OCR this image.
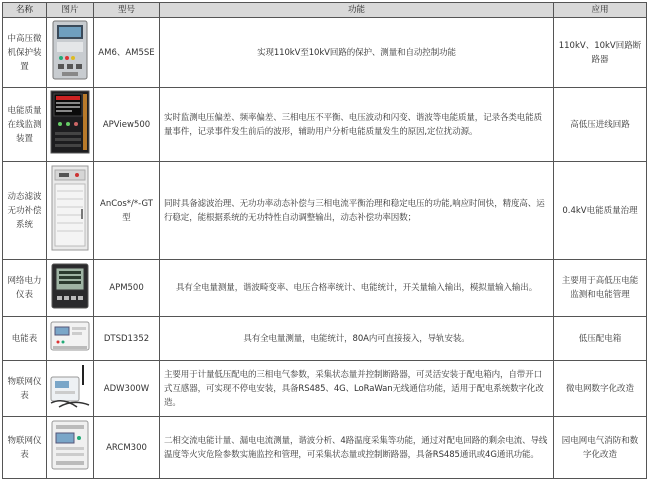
名称	图片	型号	功能	应用
中高压微机保护装置		AM6、AM5SE	实现110kV至10kV回路的保护、测量和自动控制功能	110kV、10kV回路断路器
电能质量在线监测装置		APView500	实时监测电压偏差、频率偏差、三相电压不平衡、电压波动和闪变、谐波等电能质量，记录各类电能质量事件，记录事件发生前后的波形，辅助用户分析电能质量发生的原因,定位扰动源。	高低压进线回路
动态滤波无功补偿系统		AnCos*/*-GT型	同时具备滤波治理、无功功率动态补偿与三相电流平衡治理和稳定电压的功能,响应时间快，精度高、运行稳定，能根据系统的无功特性自动调整输出，动态补偿功率因数；	0.4kV电能质量治理
网络电力仪表		APM500	具有全电量测量，谐波畸变率、电压合格率统计、电能统计，开关量输入输出，模拟量输入输出。	主要用于高低压电能监测和电能管理
电能表		DTSD1352	具有全电量测量，电能统计，80A内可直接接入，导轨安装。	低压配电箱
物联网仪表		ADW300W	主要用于计量低压配电的三相电气参数，采集状态量并控制断路器，可灵活安装于配电箱内，自带开口式互感器，可实现不停电安装，具备RS485、4G、LoRaWan无线通信功能，适用于配电系统数字化改造。	微电网数字化改造
物联网仪表		ARCM300	二相交流电能计量、漏电电流测量，谐波分析、4路温度采集等功能，通过对配电回路的剩余电流、导线温度等火灾危险参数实施监控和管理，可采集状态量或控制断路器，具备RS485通讯或4G通讯功能。	园电网电气消防和数字化改造
